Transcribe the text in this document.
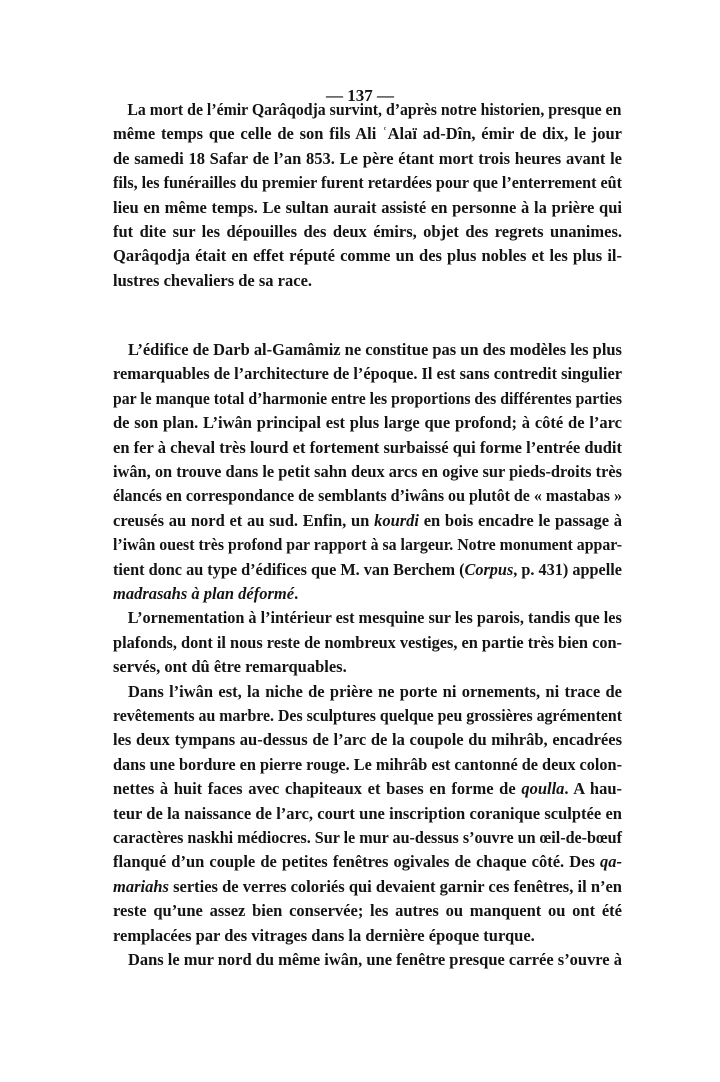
— 137 —
La mort de l’émir Qarâqodja survint, d’après notre historien, presque en
même temps que celle de son fils Ali ʿAlaï ad-Dîn, émir de dix, le jour
de samedi 18 Safar de l’an 853. Le père étant mort trois heures avant le
fils, les funérailles du premier furent retardées pour que l’enterrement eût
lieu en même temps. Le sultan aurait assisté en personne à la prière qui
fut dite sur les dépouilles des deux émirs, objet des regrets unanimes.
Qarâqodja était en effet réputé comme un des plus nobles et les plus il-
lustres chevaliers de sa race.
L’édifice de Darb al-Gamâmiz ne constitue pas un des modèles les plus
remarquables de l’architecture de l’époque. Il est sans contredit singulier
par le manque total d’harmonie entre les proportions des différentes parties
de son plan. L’iwân principal est plus large que profond; à côté de l’arc
en fer à cheval très lourd et fortement surbaissé qui forme l’entrée dudit
iwân, on trouve dans le petit sahn deux arcs en ogive sur pieds-droits très
élancés en correspondance de semblants d’iwâns ou plutôt de « mastabas »
creusés au nord et au sud. Enfin, un kourdi en bois encadre le passage à
l’iwân ouest très profond par rapport à sa largeur. Notre monument appar-
tient donc au type d’édifices que M. van Berchem (Corpus, p. 431) appelle
madrasahs à plan déformé.
L’ornementation à l’intérieur est mesquine sur les parois, tandis que les
plafonds, dont il nous reste de nombreux vestiges, en partie très bien con-
servés, ont dû être remarquables.
Dans l’iwân est, la niche de prière ne porte ni ornements, ni trace de
revêtements au marbre. Des sculptures quelque peu grossières agrémentent
les deux tympans au-dessus de l’arc de la coupole du mihrâb, encadrées
dans une bordure en pierre rouge. Le mihrâb est cantonné de deux colon-
nettes à huit faces avec chapiteaux et bases en forme de qoulla. A hau-
teur de la naissance de l’arc, court une inscription coranique sculptée en
caractères naskhi médiocres. Sur le mur au-dessus s’ouvre un œil-de-bœuf
flanqué d’un couple de petites fenêtres ogivales de chaque côté. Des qa-
mariahs serties de verres coloriés qui devaient garnir ces fenêtres, il n’en
reste qu’une assez bien conservée; les autres ou manquent ou ont été
remplacées par des vitrages dans la dernière époque turque.
Dans le mur nord du même iwân, une fenêtre presque carrée s’ouvre à
